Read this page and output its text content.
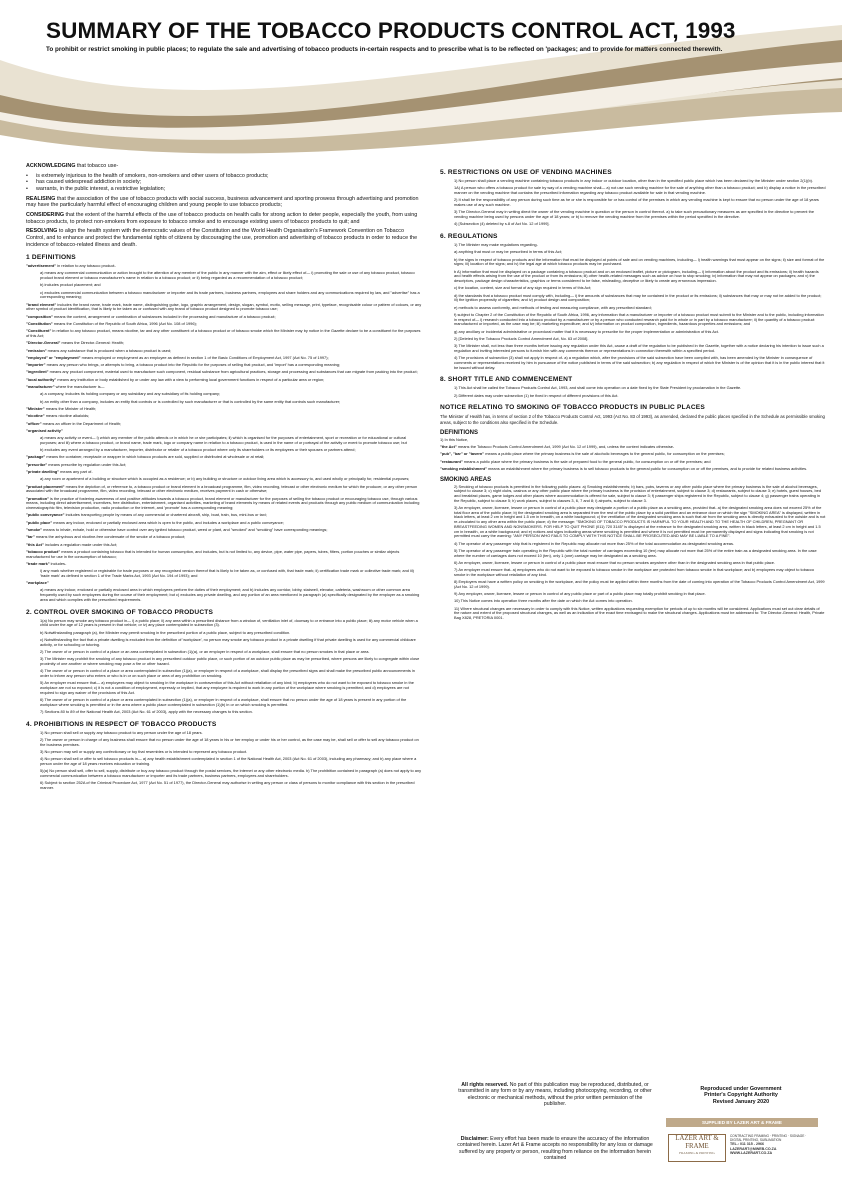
SUMMARY OF THE TOBACCO PRODUCTS CONTROL ACT, 1993
To prohibit or restrict smoking in public places; to regulate the sale and advertising of tobacco products in-certain respects and to prescribe what is to be reflected on 'packages; and to provide for matters connected therewith.
ACKNOWLEDGING that tobacco use-
• is extremely injurious to the health of smokers, non-smokers and other users of tobacco products;
• has caused widespread addiction in society;
• warrants, in the public interest, a restrictive legislation;
REALISING that the association of the use of tobacco products with social success, business advancement and sporting prowess through advertising and promotion may have the particularly harmful effect of encouraging children and young people to use tobacco products;
CONSIDERING that the extent of the harmful effects of the use of tobacco products on health calls for strong action to deter people, especially the youth, from using tobacco products, to protect non-smokers from exposure to tobacco smoke and to encourage existing users of tobacco products to quit; and
RESOLVING to align the health system with the democratic values of the Constitution and the World Health Organisation's Framework Convention on Tobacco Control, and to enhance and protect the fundamental rights of citizens by discouraging the use, promotion and advertising of tobacco products in order to reduce the incidence of tobacco-related illness and death.
1 DEFINITIONS
"advertisement" in relation to any tobacco product-
a) means any commercial communication or action brought to the attention of any member of the public in any manner with the aim, effect or likely effect of— i) promoting the sale or use of any tobacco product, tobacco product brand element or tobacco manufacturer's name in relation to a tobacco product; or ii) being regarded as a recommendation of a tobacco product;
b) includes product placement; and
c) excludes commercial communication between a tobacco manufacturer or importer and its trade partners, business partners, employees and share holders and any communications required by law, and "advertise" has a corresponding meaning;
"brand element" includes the brand name, trade mark, trade name, distinguishing guise, logo, graphic arrangement, design, slogan, symbol, motto, selling message, print, typeface, recognisable colour or pattern of colours, or any other symbol of product identification, that is likely to be taken as or confused with any brand of tobacco product designed to promote tobacco use;
"composition" means the content, arrangement or combination of substances included in the processing and manufacture of a tobacco product;
"Constitution" means the Constitution of the Republic of South Africa, 1996 (Act No. 108 of 1996);
"Constituent" in relation to any tobacco product, means nicotine, tar and any other constituent of a tobacco product or of tobacco smoke which the Minister may by notice in the Gazette declare to be a constituent for the purposes of this Act;
"Director-General" means the Director-General: Health;
"emission" means any substance that is produced when a tobacco product is used;
"employed" or "employment" means employed or employment as an employee as defined in section 1 of the Basic Conditions of Employment Act, 1997 (Act No. 75 of 1997);
"importer" means any person who brings, or attempts to bring, a tobacco product into the Republic for the purposes of selling that product, and 'import' has a corresponding meaning;
"ingredient" means any product component, material used to manufacture such component, residual substance from agricultural practices, storage and processing and substances that can migrate from packing into the product;
"local authority" means any institution or body established by or under any law with a view to performing local government functions in respect of a particular area or region;
"manufacturer" where the manufacturer is—
a) a company, includes its holding company or any subsidiary and any subsidiary of its holding company;
b) an entity other than a company, includes an entity that controls or is controlled by such manufacturer or that is controlled by the same entity that controls such manufacturer;
"Minister" means the Minister of Health;
"nicotine" means nicotine alkaloids;
"officer" means an officer in the Department of Health;
"organised activity"
a) means any activity or event— i) which any member of the public attends or in which he or she participates; ii) which is organised for the purposes of entertainment, sport or recreation or for educational or cultural purposes; and iii) where a tobacco product, or brand name, trade mark, logo or company name in relation to a tobacco product, is used in the name of or portrayal of the activity or event to promote tobacco use; but
b) excludes any event arranged by a manufacturer, importer, distributor or retailer of a tobacco product where only its shareholders or its employees or their spouses or partners attend;
"package" means the container, receptacle or wrapper in which tobacco products are sold, supplied or distributed at wholesale or at retail;
"prescribe" means prescribe by regulation under this Act;
"private dwelling" means any part of-
a) any room or apartment of a building or structure which is occupied as a residence; or b) any building or structure or outdoor living area which is accessory to, and used wholly or principally for, residential purposes;
"product placement" means the depiction of, or reference to, a tobacco product or brand element in a broadcast programme, film, video recording, telecast or other electronic medium for which the producer, or any other person associated with the broadcast programme, film, video recording, telecast or other electronic medium, receives payment in cash or otherwise;
"promotion" is the practice of fostering awareness of and positive attitudes towards a tobacco product, brand element or manufacturer for the purposes of selling the tobacco product or encouraging tobacco use, through various means, including direct advertisement, incentives, free distribution, entertainment, organised activities, marketing of brand elements by means of related events and products through any public medium of communication including cinematographic film, television production, radio production or the internet, and 'promote' has a corresponding meaning;
"public conveyance" includes transporting people by means of any commercial or chartered aircraft, ship, boat, train, bus, mini-bus or taxi;
"public place" means any indoor, enclosed or partially enclosed area which is open to the public, and includes a workplace and a public conveyance;
"smoke" means to inhale, exhale, hold or otherwise have control over any ignited tobacco product, weed or plant, and "smoked" and "smoking" have corresponding meanings;
"tar" means the anhydrous and nicotine-free condensate of the smoke of a tobacco product;
"this Act" includes a regulation made under this Act;
"tobacco product" means a product containing tobacco that is intended for human consumption, and includes, but is not limited to, any device, pipe, water pipe, papers, tubes, filters, portion pouches or similar objects manufactured for use in the consumption of tobacco;
"trade mark" includes-
i) any mark whether registered or registrable for trade purposes or any recognised version thereof that is likely to be taken as, or confused with, that trade mark; ii) certification trade mark or collective trade mark; and iii) 'trade mark' as defined in section 1 of the Trade Marks Act, 1993 (Act No. 194 of 1993); and
"workplace"
a) means any indoor, enclosed or partially enclosed area in which employees perform the duties of their employment; and b) includes any corridor, lobby, stairwell, elevator, cafeteria, washroom or other common area frequently used by such employees during the course of their employment; but c) excludes any private dwelling, and any portion of an area mentioned in paragraph (a) specifically designated by the employer as a smoking area and which complies with the prescribed requirements.
2. CONTROL OVER SMOKING OF TOBACCO PRODUCTS
1(a) No person may smoke any tobacco product in— i) a public place; ii) any area within a prescribed distance from a window of, ventilation inlet of, doorway to or entrance into a public place; iii) any motor vehicle when a child under the age of 12 years is present in that vehicle; or iv) any place contemplated in subsection (3).
b) Notwithstanding paragraph (a), the Minister may permit smoking in the prescribed portion of a public place, subject to any prescribed condition.
c) Notwithstanding the fact that a private dwelling is excluded from the definition of 'workplace', no person may smoke any tobacco product in a private dwelling if that private dwelling is used for any commercial childcare activity, or for schooling or tutoring.
2) The owner of or person in control of a place or an area contemplated in subsection (1)(a), or an employer in respect of a workplace, shall ensure that no person smokes in that place or area.
3) The Minister may prohibit the smoking of any tobacco product in any prescribed outdoor public place, or such portion of an outdoor public place as may be prescribed, where persons are likely to congregate within close proximity of one another or where smoking may pose a fire or other hazard.
4) The owner of or person in control of a place or area contemplated in subsection (1)(a), or employer in respect of a workplace, shall display the prescribed signs and shall make the prescribed public announcements in order to inform any person who enters or who is in or on such place or area of any prohibition on smoking.
5) An employer must ensure that— a) employees may object to smoking in the workplace in contravention of this Act without retaliation of any kind; b) employees who do not want to be exposed to tobacco smoke in the workplace are not so exposed; c) it is not a condition of employment, expressly or implied, that any employee is required to work in any portion of the workplace where smoking is permitted; and d) employees are not required to sign any waiver of the provisions of this Act.
6) The owner of or person in control of a place or area contemplated in subsection (1)(a), or employer in respect of a workplace, shall ensure that no person under the age of 18 years is present in any portion of the workplace where smoking is permitted or in the area where a public place contemplated in subsection (1)(b) in or on which smoking is permitted.
7) Sections 80 to 89 of the National Health Act, 2003 (Act No. 61 of 2003), apply with the necessary changes to this section.
4. PROHIBITIONS IN RESPECT OF TOBACCO PRODUCTS
1) No person shall sell or supply any tobacco product to any person under the age of 18 years.
2) The owner or person in charge of any business shall ensure that no person under the age of 18 years in his or her employ or under his or her control, as the case may be, shall sell or offer to sell any tobacco product on the business premises.
3) No person may sell or supply any confectionary or toy that resembles or is intended to represent any tobacco product.
4) No person shall sell or offer to sell tobacco products in— a) any health establishment contemplated in section 1 of the National Health Act, 2003 (Act No. 61 of 2003), including any pharmacy; and b) any place where a person under the age of 18 years receives education or training.
5)(a) No person shall sell, offer to sell, supply, distribute or buy any tobacco product through the postal services, the internet or any other electronic media. b) The prohibition contained in paragraph (a) does not apply to any commercial communication between a tobacco manufacturer or importer and its trade partners, business partners, employees and shareholders.
6) Subject to section 252A of the Criminal Procedure Act, 1977 (Act No. 51 of 1977), the Director-General may authorise in writing any person or class of persons to monitor compliance with this section in the prescribed manner.
5. RESTRICTIONS ON USE OF VENDING MACHINES
1) No person shall place a vending machine containing tobacco products in any indoor or outdoor location, other than in the specified public place which has been declared by the Minister under section 2(1)(b).
1A) A person who offers a tobacco product for sale by way of a vending machine shall— a) not use such vending machine for the sale of anything other than a tobacco product; and b) display a notice in the prescribed manner on the vending machine that contains the prescribed information regarding any tobacco product available for sale in that vending machine.
2) It shall be the responsibility of any person during such time as he or she is responsible for or has control of the premises in which any vending machine is kept to ensure that no person under the age of 18 years makes use of any such machine.
3) The Director-General may in writing direct the owner of the vending machine in question or the person in control thereof- a) to take such precautionary measures as are specified in the directive to prevent the vending machine being used by persons under the age of 18 years; or b) to remove the vending machine from the premises within the period specified in the directive.
4) [Subsection (4) deleted by s.8 of Act No. 12 of 1999].
6. REGULATIONS
1) The Minister may make regulations regarding-
a) anything that must or may be prescribed in terms of this Act;
b) the signs in respect of tobacco products and the information that must be displayed at points of sale and on vending machines, including— i) health warnings that must appear on the signs; ii) size and format of the signs; iii) location of the signs; and iv) the legal age at which tobacco products may be purchased.
b A) information that must be displayed on a package containing a tobacco product and on an enclosed leaflet, picture or pictogram, including— i) information about the product and its emissions; ii) health hazards and health effects arising from the use of the product or from its emissions; iii) other health-related messages such as advice on how to stop smoking; iv) information that may not appear on packages; and v) the descriptors, package design characteristics, graphics or terms considered to be false, misleading, deceptive or likely to create any erroneous impression.
c) the location, content, size and format of any sign required in terms of this Act;
d) the standards that a tobacco product must comply with, including— i) the amounts of substances that may be contained in the product or its emissions; ii) substances that may or may not be added to the product; iii) the ignition propensity of cigarettes; and iv) product design and composition;
e) methods to assess conformity, and methods of testing and measuring compliance, with any prescribed standard;
f) subject to Chapter 2 of the Constitution of the Republic of South Africa, 1996, any information that a manufacturer or importer of a tobacco product must submit to the Minister and to the public, including information in respect of— i) research conducted into a tobacco product by a manufacturer or by a person who conducted research paid for in whole or in part by a tobacco manufacturer; ii) the quantity of a tobacco product manufactured or imported, as the case may be; iii) marketing expenditure; and iv) information on product composition, ingredients, hazardous properties and emissions; and
g) any ancillary or incidental administrative or procedural matter that it is necessary to prescribe for the proper implementation or administration of this Act.
2) [Deleted by the Tobacco Products Control Amendment Act, No. 63 of 2008].
3) The Minister shall, not less than three months before issuing any regulation under this Act, cause a draft of the regulation to be published in the Gazette, together with a notice declaring his intention to issue such a regulation and inviting interested persons to furnish him with any comments thereon or representations in connection therewith within a specified period.
4) The provisions of subsection (3) shall not apply in respect of- a) a regulation which, after the provisions of the said subsection have been complied with, has been amended by the Minister in consequence of comments or representations received by him in pursuance of the notice published in terms of the said subsection; b) any regulation in respect of which the Minister is of the opinion that it is in the public interest that it be issued without delay.
8. SHORT TITLE AND COMMENCEMENT
1) This Act shall be called the Tobacco Products Control Act, 1993, and shall come into operation on a date fixed by the State President by proclamation in the Gazette.
2) Different dates may under subsection (1) be fixed in respect of different provisions of this Act.
NOTICE RELATING TO SMOKING OF TOBACCO PRODUCTS IN PUBLIC PLACES
The Minister of Health has, in terms of section 2 of the Tobacco Products Control Act, 1993 (Act No. 83 of 1993), as amended, declared the public places specified in the Schedule as permissible smoking areas, subject to the conditions also specified in the Schedule.
DEFINITIONS
1) In this Notice,
"the Act" means the Tobacco Products Control Amendment Act, 1999 (Act No. 12 of 1999), and, unless the context indicates otherwise-
"pub", "bar" or "tavern" means a public place where the primary business is the sale of alcoholic beverages to the general public, for consumption on the premises;
"restaurant" means a public place where the primary business is the sale of prepared food to the general public, for consumption on or off the premises; and
"smoking establishment" means an establishment where the primary business is to sell tobacco products to the general public for consumption on or off the premises, and to provide for related business activities.
SMOKING AREAS
2) Smoking of tobacco products is permitted in the following public places: a) Smoking establishments; b) bars, pubs, taverns or any other public place where the primary business is the sale of alcohol beverages, subject to clause 3; c) night clubs, casinos or any other public place where the primary business is the provision of entertainment, subject to clause 3; d) restaurants, subject to clause 3; e) hotels, guest houses, bed and breakfast places, game lodges and other places where accommodation is offered for sale, subject to clause 3; f) passenger ships registered in the Republic, subject to clause 4; g) passenger trains operating in the Republic, subject to clause 5; h) work places, subject to clauses 3, 6, 7 and 8; i) airports, subject to clause 3.
3) An employer, owner, licensee, lessee or person in control of a public place may designate a portion of a public place as a smoking area, provided that- a) the designated smoking area does not exceed 25% of the total floor area of the public place; b) the designated smoking area is separated from the rest of the public place by a solid partition and an entrance door on which the sign "SMOKING AREA" is displayed, written in black letters, at least 2 cm in height and 1.5 cm in breadth, on a white background; c) the ventilation of the designated smoking area is such that air from the smoking area is directly exhausted to the outside and is not re-circulated to any other area within the public place; d) the message: "SMOKING OF TOBACCO PRODUCTS IS HARMFUL TO YOUR HEALTH AND TO THE HEALTH OF CHILDREN, PREGNANT OR BREASTFEEDING WOMEN AND NONSMOKERS. FOR HELP TO QUIT PHONE (011) 720 3145" is displayed at the entrance to the designated smoking area, written in black letters, at least 2 cm in height and 1.5 cm in breadth, on a white background; and e) notices and signs indicating areas where smoking is permitted and where it is not permitted must be permanently displayed and signs indicating that smoking is not permitted must carry the warning: "ANY PERSON WHO FAILS TO COMPLY WITH THIS NOTICE SHALL BE PROSECUTED AND MAY BE LIABLE TO A FINE".
4) The operator of any passenger ship that is registered in the Republic may allocate not more than 25% of the total accommodation as designated smoking areas.
5) The operator of any passenger train operating in the Republic with the total number of carriages exceeding 10 (ten) may allocate not more that 25% of the entire train as a designated smoking area. In the case where the number of carriages does not exceed 10 (ten), only 1 (one) carriage may be designated as a smoking area.
6) An employer, owner, licensee, lessee or person in control of a public place must ensure that no person smokes anywhere other than in the designated smoking area in that public place.
7) An employer must ensure that- a) employees who do not want to be exposed to tobacco smoke in the workplace are protected from tobacco smoke in that workplace; and b) employees may object to tobacco smoke in the workplace without retaliation of any kind.
8) Employers must have a written policy on smoking in the workplace, and the policy must be applied within three months from the date of coming into operation of the Tobacco Products Control Amendment Act, 1999 (Act No. 12 of 1999).
9) Any employer, owner, licensee, lessee or person in control of any public place or part of a public place may totally prohibit smoking in that place.
10) This Notice comes into operation three months after the date on which the Act comes into operation.
11) Where structural changes are necessary in order to comply with this Notice, written applications requesting exemption for periods of up to six months will be considered. Applications must set out clear details of the nature and extent of the proposed structural changes, as well as an indication of the exact time envisaged to make the structural changes. Applications must be addressed to: The Director-General: Health, Private Bag X828, PRETORIA 0001.
All rights reserved. No part of this publication may be reproduced, distributed, or transmitted in any form or by any means, including photocopying, recording, or other electronic or mechanical methods, without the prior written permission of the publisher.
Disclaimer: Every effort has been made to ensure the accuracy of the information contained herein. Lazer Art & Frame accepts no responsibility for any loss or damage suffered by any property or person, resulting from reliance on the information herein contained
Reproduced under Government
Printer's Copyright Authority
Revised January 2020
SUPPLIED BY LAZER ART & FRAME
LAZER ART & FRAME
FRAMING & PRINTING
CONTRACTING FRAMING · PRINTING · SIGNAGE · DIGITAL PRINTING, SUBLIMATION
TEL.: 011 315 - 2966
LAZERART@MWEB.CO.ZA
WWW.LAZERART.CO.ZA
